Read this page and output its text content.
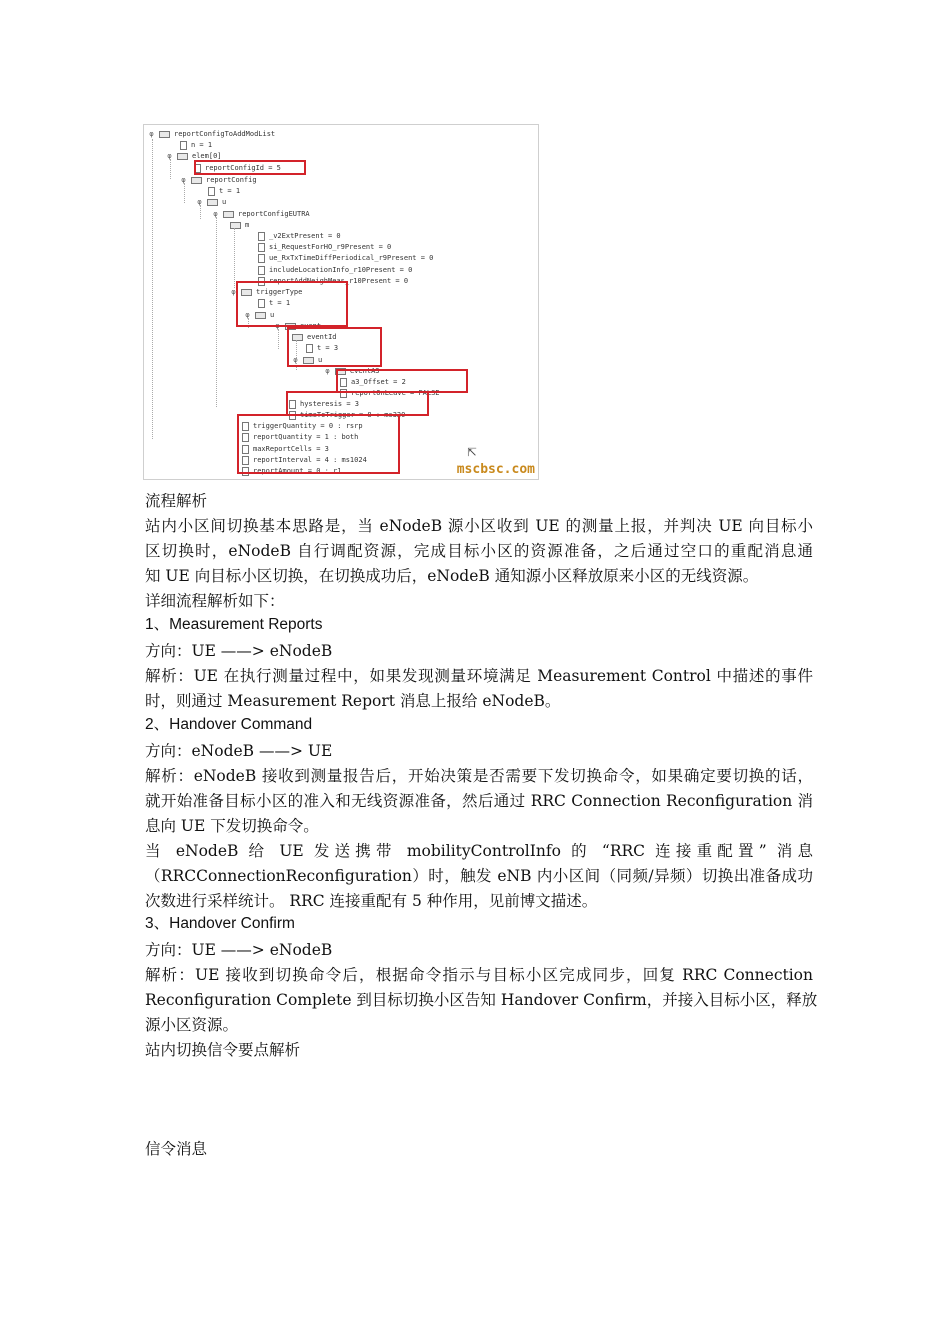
φ	reportConfigToAddModList
n = 1
φ	elem[0]
reportConfigId = 5
φ	reportConfig
t = 1
φ	u
φ	reportConfigEUTRA
m
_v2ExtPresent = 0
si_RequestForHO_r9Present = 0
ue_RxTxTimeDiffPeriodical_r9Present = 0
includeLocationInfo_r10Present = 0
reportAddNeighMeas_r10Present = 0
φ	triggerType
t = 1
φ	u
φ	event
eventId
t = 3
φ	u
φ	eventA3
a3_Offset = 2
reportOnLeave = FALSE
hysteresis = 3
timeToTrigger = 8 : ms320
triggerQuantity = 0 : rsrp
reportQuantity = 1 : both
maxReportCells = 3
reportInterval = 4 : ms1024
reportAmount = 0 : r1
⇱
mscbsc.com

流程解析

站内小区间切换基本思路是，当 eNodeB 源小区收到 UE 的测量上报，并判决 UE 向目标小

区切换时，eNodeB 自行调配资源，完成目标小区的资源准备，之后通过空口的重配消息通

知 UE 向目标小区切换，在切换成功后，eNodeB 通知源小区释放原来小区的无线资源。

详细流程解析如下：

1、Measurement Reports

方向：UE ——> eNodeB

解析：UE 在执行测量过程中，如果发现测量环境满足 Measurement Control 中描述的事件

时，则通过 Measurement Report 消息上报给 eNodeB。

2、Handover Command

方向：eNodeB ——> UE

解析：eNodeB 接收到测量报告后，开始决策是否需要下发切换命令，如果确定要切换的话，

就开始准备目标小区的准入和无线资源准备，然后通过 RRC Connection Reconfiguration 消

息向 UE 下发切换命令。

当 eNodeB 给 UE 发送携带 mobilityControlInfo 的 “RRC 连接重配置” 消息

（RRCConnectionReconfiguration）时，触发 eNB 内小区间（同频/异频）切换出准备成功

次数进行采样统计。 RRC 连接重配有 5 种作用，见前博文描述。

3、Handover Confirm

方向：UE ——> eNodeB

解析：UE 接收到切换命令后，根据命令指示与目标小区完成同步，回复 RRC Connection

Reconfiguration Complete 到目标切换小区告知 Handover Confirm，并接入目标小区，释放

源小区资源。

站内切换信令要点解析

信令消息
